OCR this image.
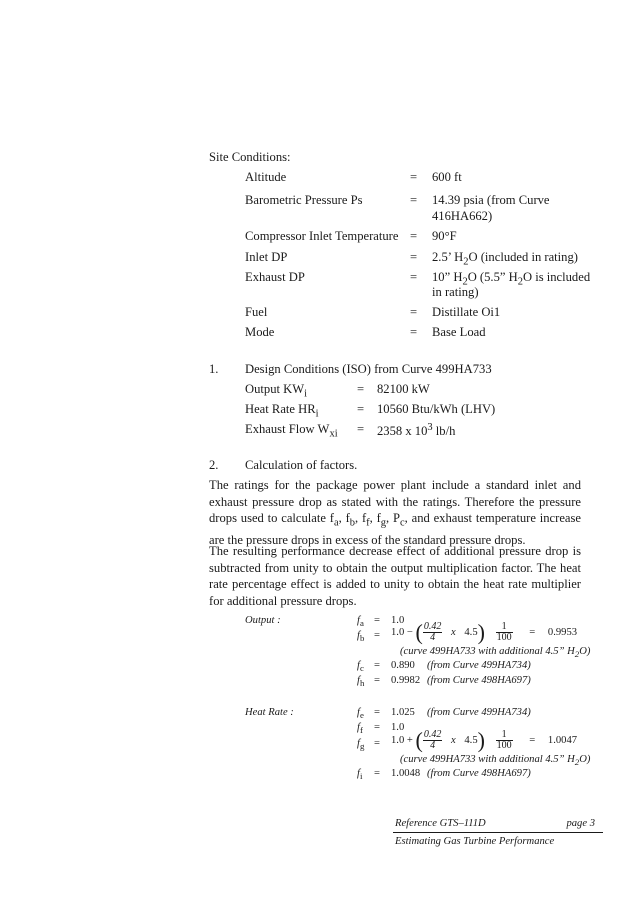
Site Conditions:
Altitude	= 600 ft
Barometric Pressure Ps	= 14.39 psia (from Curve
416HA662)
Compressor Inlet Temperature = 90°F
Inlet DP	= 2.5’ $H_2O$ (included in rating)
Exhaust DP	= 10” $H_2O$ (5.5” $H_2O$ is included
in rating)
Fuel	= Distillate Oi1
Mode	= Base Load
1. Design Conditions (ISO) from Curve 499HA733
Output $KW_i$	= 82100 kW
Heat Rate $HR_i$	= 10560 Btu/kWh (LHV)
Exhaust Flow $W_{xi} = 2358$ x $10^3$ lb/h
2. Calculation of factors.
The ratings for the package power plant include a standard inlet and exhaust pressure drop as stated with the ratings. Therefore the pressure drops used to calculate $f_a$, $f_b$, $f_f$, $f_g$, $P_c$, and exhaust temperature increase are the pressure drops in excess of the standard pressure drops.
The resulting performance decrease effect of additional pressure drop is subtracted from unity to obtain the output multiplication factor. The heat rate percentage effect is added to unity to obtain the heat rate multiplier for additional pressure drops.
Output :	$f_a = 1.0$
$f_b = 1.0$ − ( $\frac{0.42}{4}$ x $4.5) \frac{1}{100} = 0.9953$
(curve 499HA733 with additional 4.5” $H_2O$)
$f_c = 0.890$ (from Curve 499HA734)
$f_h = 0.9982$ (from Curve 498HA697)
Heat Rate :	$f_e = 1.025$ (from Curve 499HA734)
$f_f = 1.0$
$f_g = 1.0$ + ( $\frac{0.42}{4}$ x $4.5) \frac{1}{100} = 1.0047$
(curve 499HA733 with additional 4.5” $H_2O$)
$f_i = 1.0048$ (from Curve 498HA697)
Reference GTS–111D	page 3
Estimating Gas Turbine Performance
